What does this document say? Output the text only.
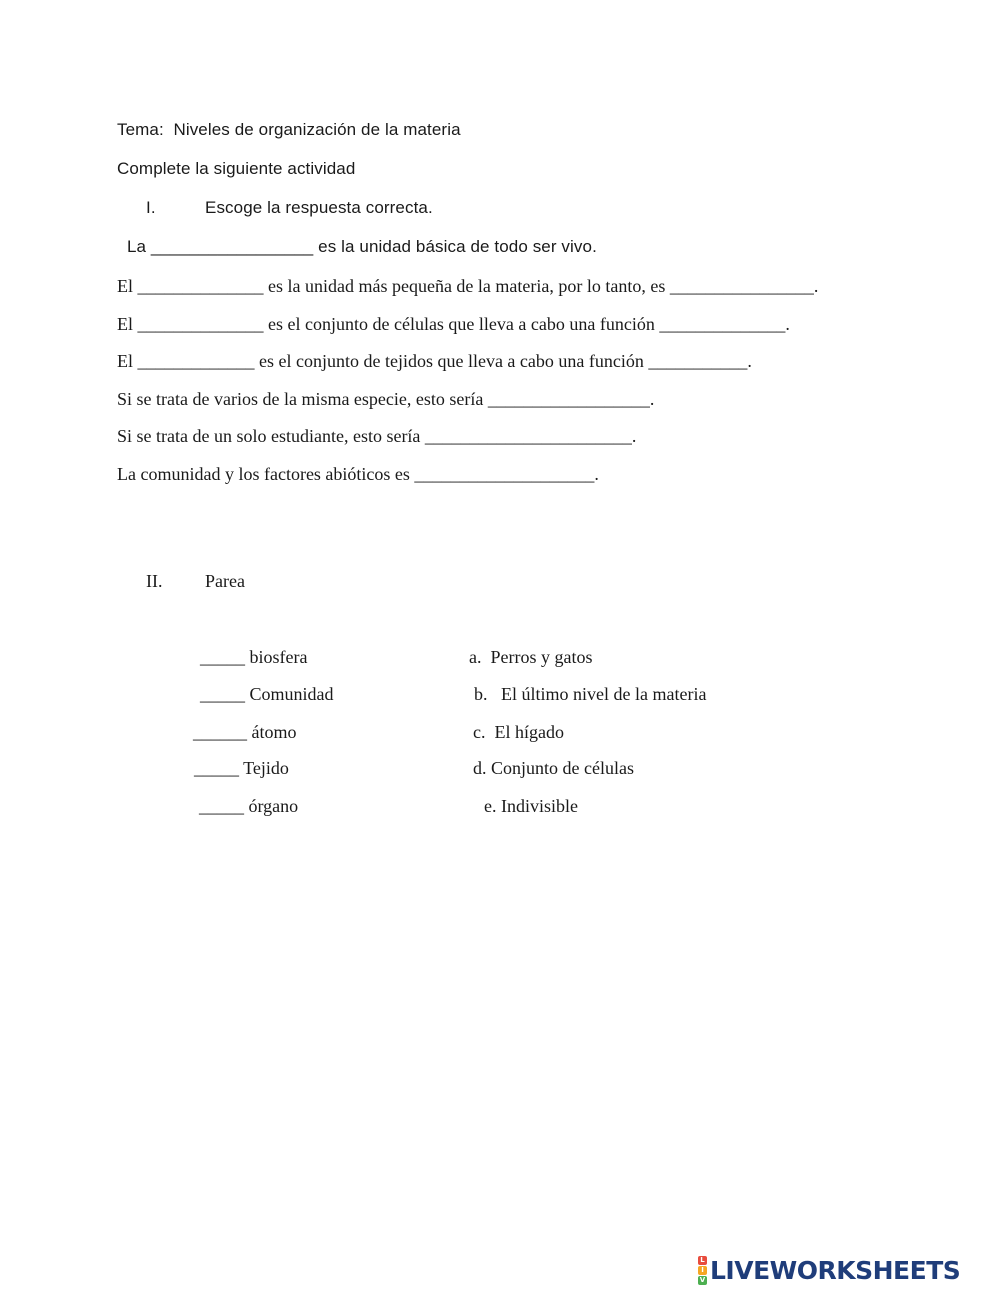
Tema:  Niveles de organización de la materia
Complete la siguiente actividad
I.	Escoge la respuesta correcta.
La _________________ es la unidad básica de todo ser vivo.
El ______________ es la unidad más pequeña de la materia, por lo tanto, es ________________.
El ______________ es el conjunto de células que lleva a cabo una función ______________.
El _____________ es el conjunto de tejidos que lleva a cabo una función ___________.
Si se trata de varios de la misma especie, esto sería __________________.
Si se trata de un solo estudiante, esto sería _______________________.
La comunidad y los factores abióticos es ____________________.
II. Parea
_____ biosfera
_____ Comunidad
______ átomo
_____ Tejido
_____ órgano
a.  Perros y gatos
b.   El último nivel de la materia
c.  El hígado
d. Conjunto de células
e. Indivisible
L
I
V LIVEWORKSHEETS
